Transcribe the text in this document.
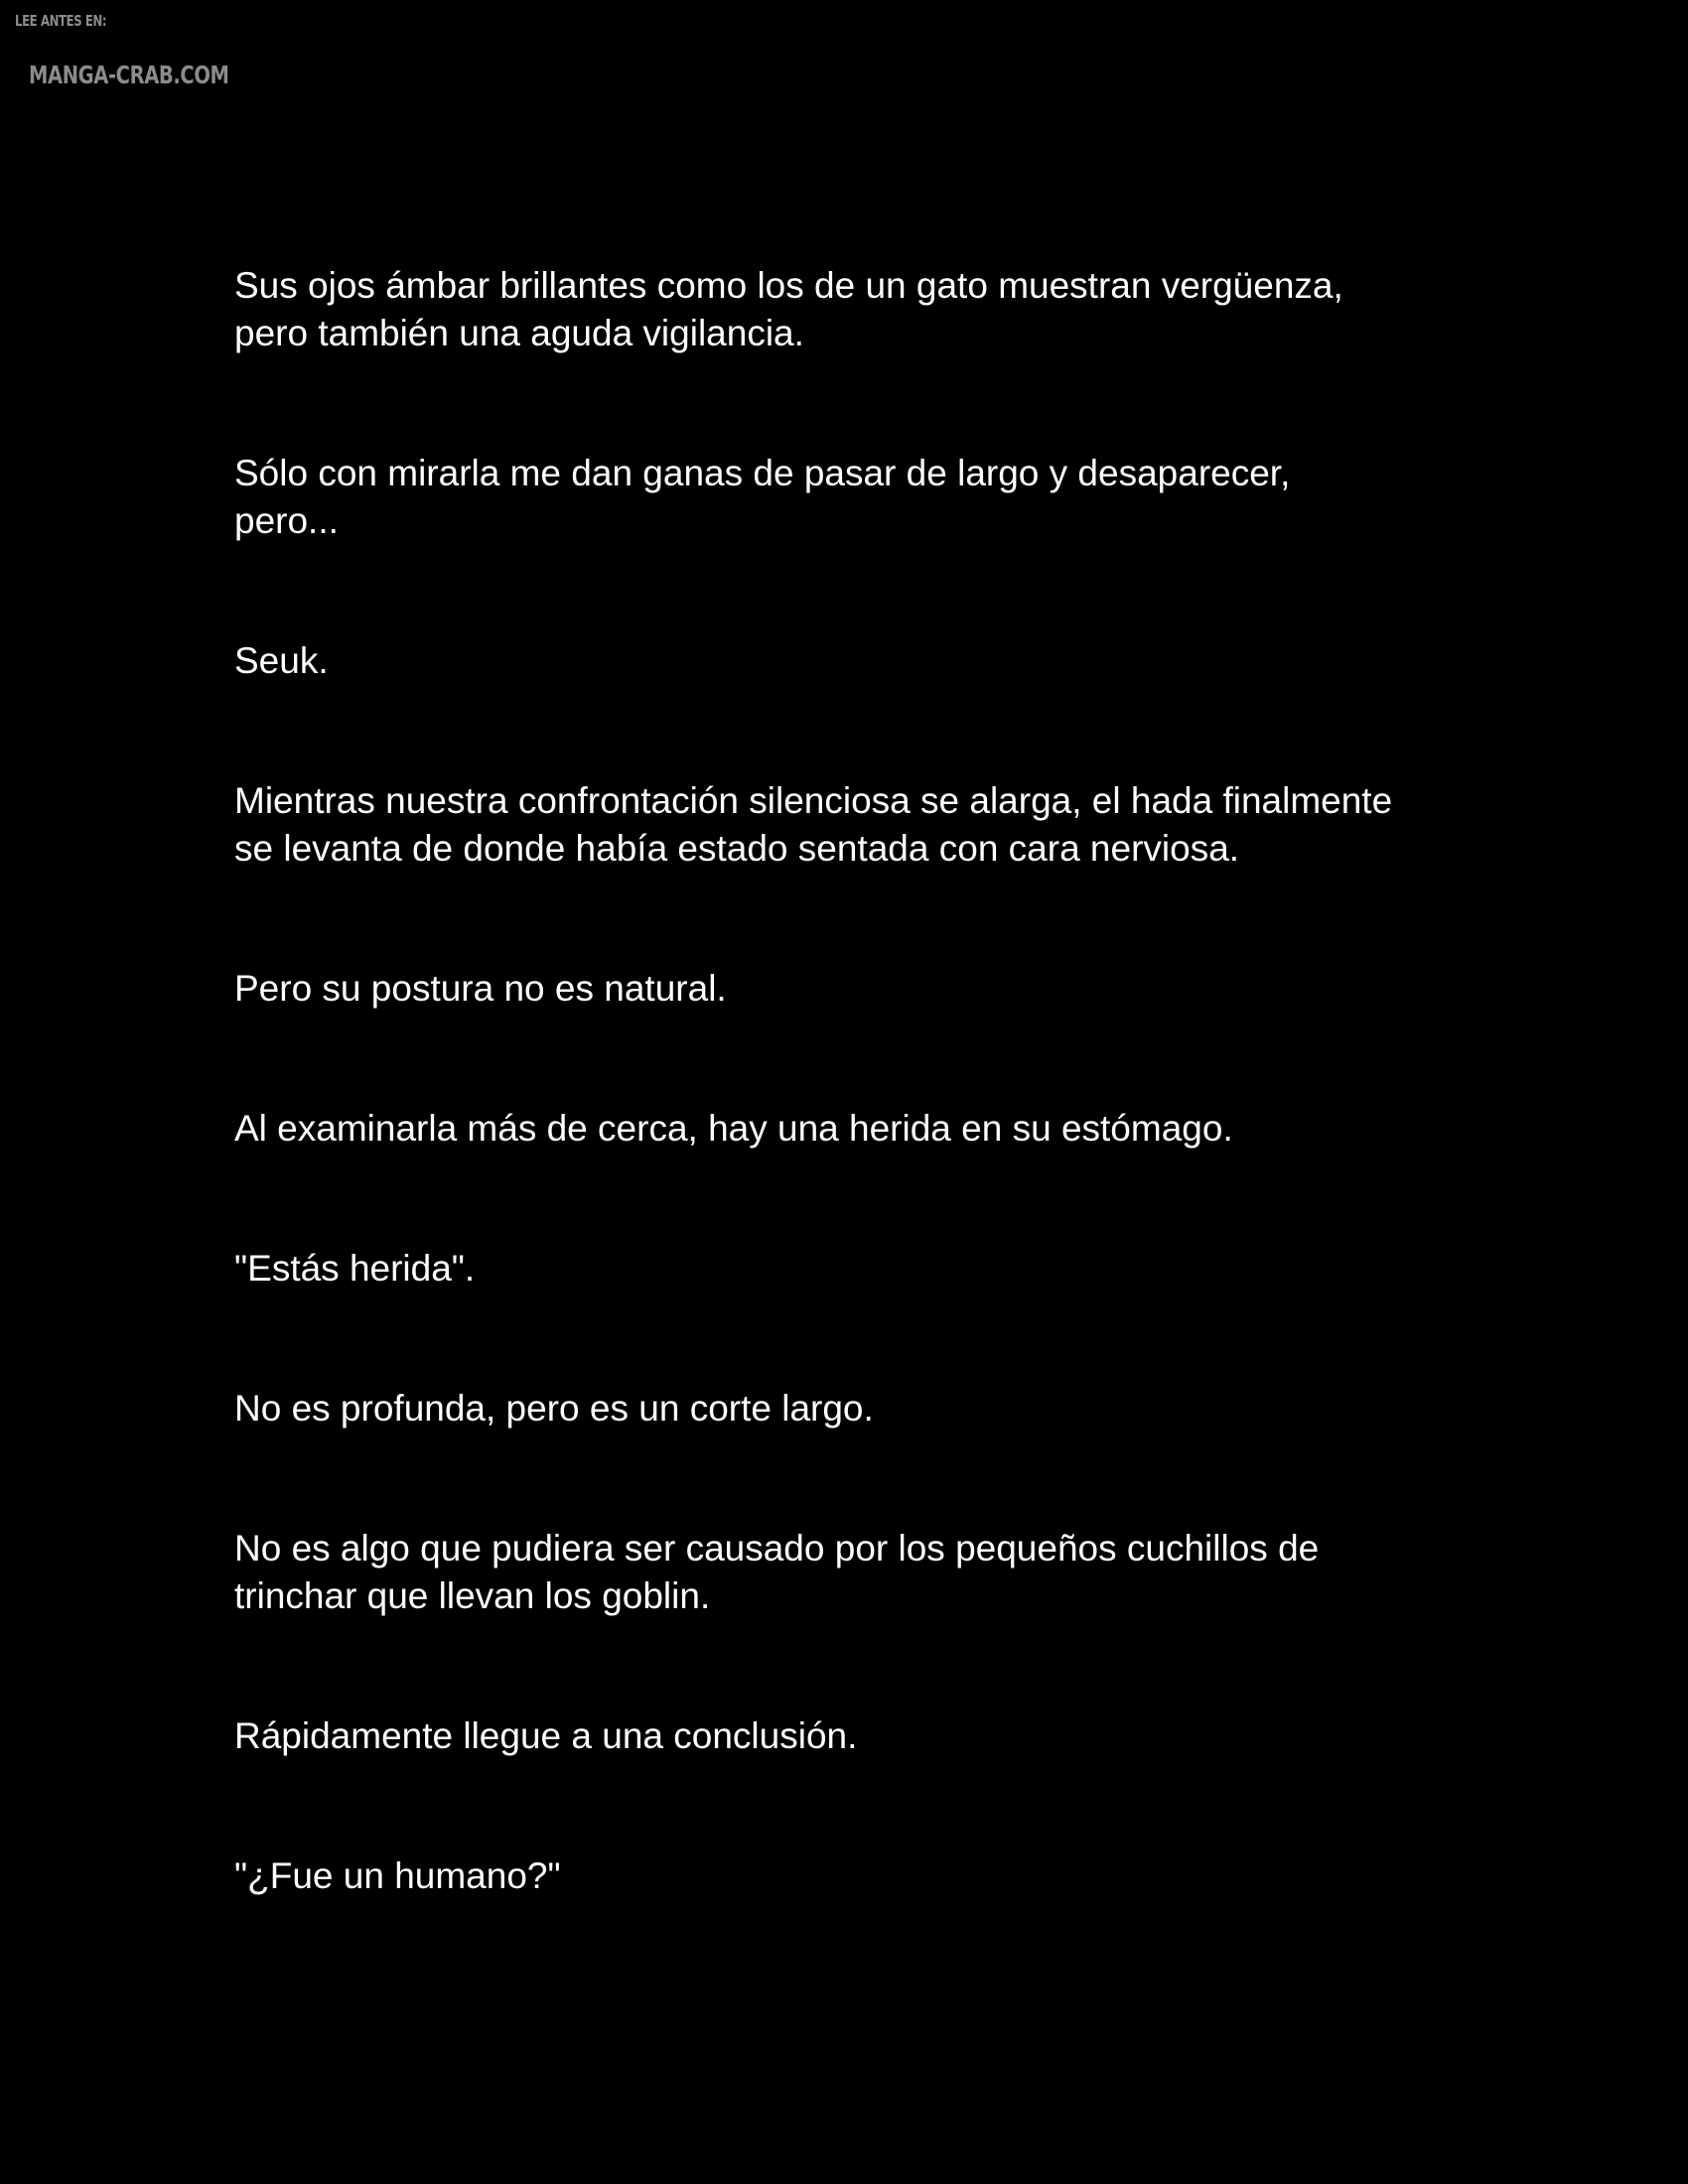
LEE ANTES EN:
MANGA-CRAB.COM

Sus ojos ámbar brillantes como los de un gato muestran vergüenza,
pero también una aguda vigilancia.

Sólo con mirarla me dan ganas de pasar de largo y desaparecer,
pero...

Seuk.

Mientras nuestra confrontación silenciosa se alarga, el hada finalmente
se levanta de donde había estado sentada con cara nerviosa.

Pero su postura no es natural.

Al examinarla más de cerca, hay una herida en su estómago.

"Estás herida".

No es profunda, pero es un corte largo.

No es algo que pudiera ser causado por los pequeños cuchillos de
trinchar que llevan los goblin.

Rápidamente llegue a una conclusión.

"¿Fue un humano?"
